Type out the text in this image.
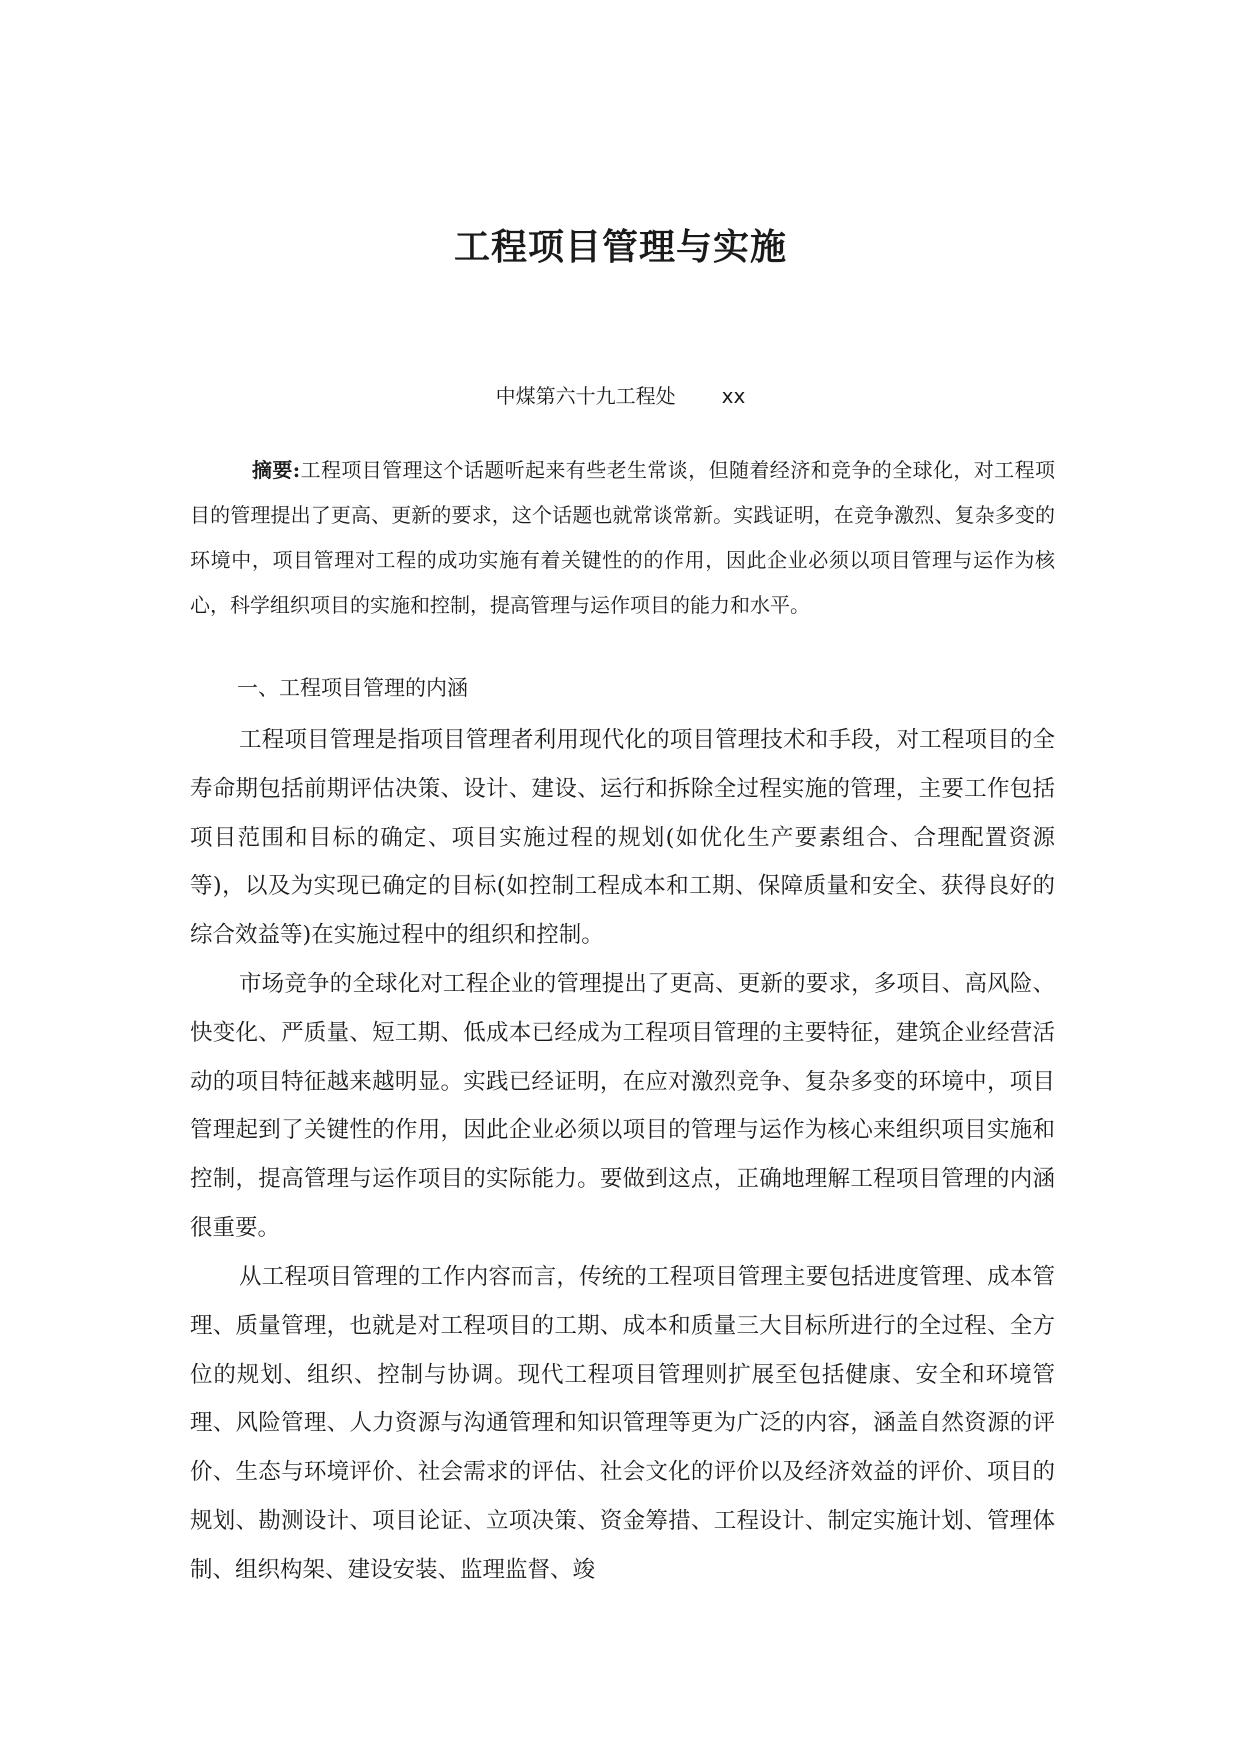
工程项目管理与实施
中煤第六十九工程处 xx

摘要:工程项目管理这个话题听起来有些老生常谈，但随着经济和竞争的全球化，对工程项目的管理提出了更高、更新的要求，这个话题也就常谈常新。实践证明，在竞争激烈、复杂多变的环境中，项目管理对工程的成功实施有着关键性的的作用，因此企业必须以项目管理与运作为核心，科学组织项目的实施和控制，提高管理与运作项目的能力和水平。

一、工程项目管理的内涵

工程项目管理是指项目管理者利用现代化的项目管理技术和手段，对工程项目的全寿命期包括前期评估决策、设计、建设、运行和拆除全过程实施的管理，主要工作包括项目范围和目标的确定、项目实施过程的规划(如优化生产要素组合、合理配置资源等)，以及为实现已确定的目标(如控制工程成本和工期、保障质量和安全、获得良好的综合效益等)在实施过程中的组织和控制。

市场竞争的全球化对工程企业的管理提出了更高、更新的要求，多项目、高风险、快变化、严质量、短工期、低成本已经成为工程项目管理的主要特征，建筑企业经营活动的项目特征越来越明显。实践已经证明，在应对激烈竞争、复杂多变的环境中，项目管理起到了关键性的作用，因此企业必须以项目的管理与运作为核心来组织项目实施和控制，提高管理与运作项目的实际能力。要做到这点，正确地理解工程项目管理的内涵很重要。

从工程项目管理的工作内容而言，传统的工程项目管理主要包括进度管理、成本管理、质量管理，也就是对工程项目的工期、成本和质量三大目标所进行的全过程、全方位的规划、组织、控制与协调。现代工程项目管理则扩展至包括健康、安全和环境管理、风险管理、人力资源与沟通管理和知识管理等更为广泛的内容，涵盖自然资源的评价、生态与环境评价、社会需求的评估、社会文化的评价以及经济效益的评价、项目的规划、勘测设计、项目论证、立项决策、资金筹措、工程设计、制定实施计划、管理体制、组织构架、建设安装、监理监督、竣
